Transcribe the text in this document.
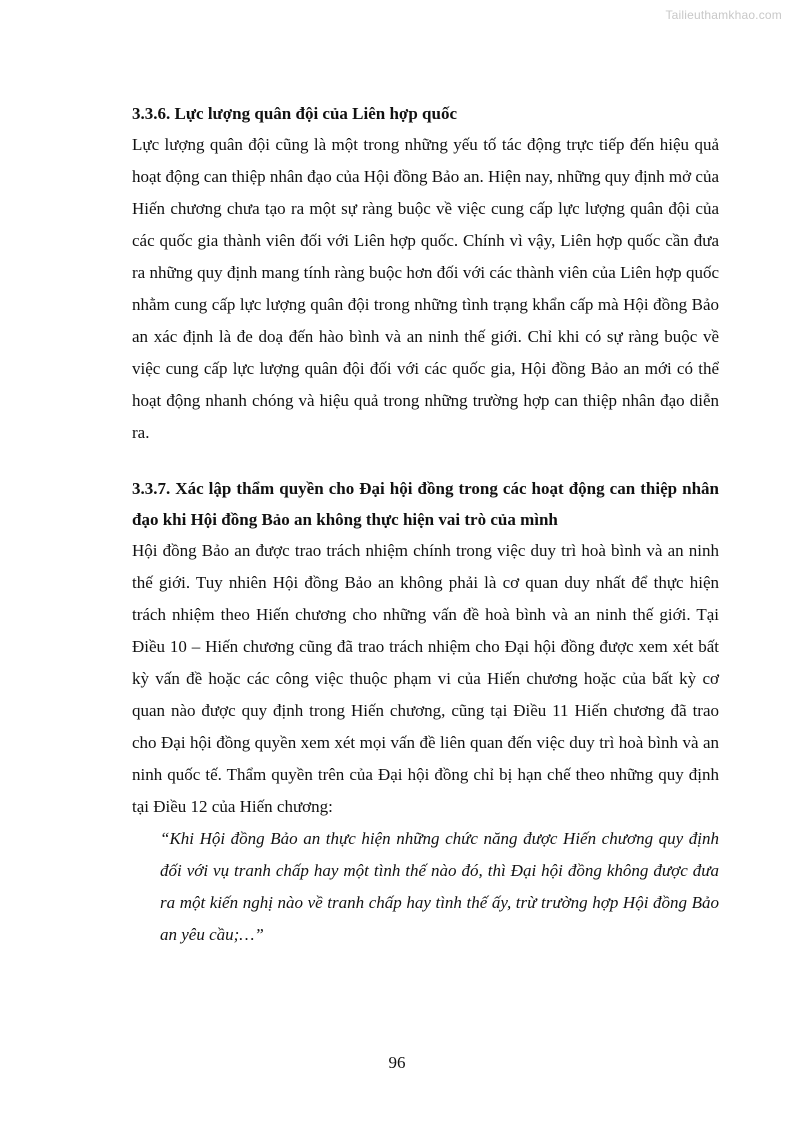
Tailieuthamkhao.com
3.3.6. Lực lượng quân đội của Liên hợp quốc

Lực lượng quân đội cũng là một trong những yếu tố tác động trực tiếp đến hiệu quả hoạt động can thiệp nhân đạo của Hội đồng Bảo an. Hiện nay, những quy định mở của Hiến chương chưa tạo ra một sự ràng buộc về việc cung cấp lực lượng quân đội của các quốc gia thành viên đối với Liên hợp quốc. Chính vì vậy, Liên hợp quốc cần đưa ra những quy định mang tính ràng buộc hơn đối với các thành viên của Liên hợp quốc nhằm cung cấp lực lượng quân đội trong những tình trạng khẩn cấp mà Hội đồng Bảo an xác định là đe doạ đến hào bình và an ninh thế giới. Chỉ khi có sự ràng buộc về việc cung cấp lực lượng quân đội đối với các quốc gia, Hội đồng Bảo an mới có thể hoạt động nhanh chóng và hiệu quả trong những trường hợp can thiệp nhân đạo diễn ra.

3.3.7. Xác lập thẩm quyền cho Đại hội đồng trong các hoạt động can thiệp nhân đạo khi Hội đồng Bảo an không thực hiện vai trò của mình

Hội đồng Bảo an được trao trách nhiệm chính trong việc duy trì hoà bình và an ninh thế giới. Tuy nhiên Hội đồng Bảo an không phải là cơ quan duy nhất để thực hiện trách nhiệm theo Hiến chương cho những vấn đề hoà bình và an ninh thế giới. Tại Điều 10 – Hiến chương cũng đã trao trách nhiệm cho Đại hội đồng được xem xét bất kỳ vấn đề hoặc các công việc thuộc phạm vi của Hiến chương hoặc của bất kỳ cơ quan nào được quy định trong Hiến chương, cũng tại Điều 11 Hiến chương đã trao cho Đại hội đồng quyền xem xét mọi vấn đề liên quan đến việc duy trì hoà bình và an ninh quốc tế. Thẩm quyền trên của Đại hội đồng chỉ bị hạn chế theo những quy định tại Điều 12 của Hiến chương:

“Khi Hội đồng Bảo an thực hiện những chức năng được Hiến chương quy định đối với vụ tranh chấp hay một tình thế nào đó, thì Đại hội đồng không được đưa ra một kiến nghị nào về tranh chấp hay tình thế ấy, trừ trường hợp Hội đồng Bảo an yêu cầu;…”

96
